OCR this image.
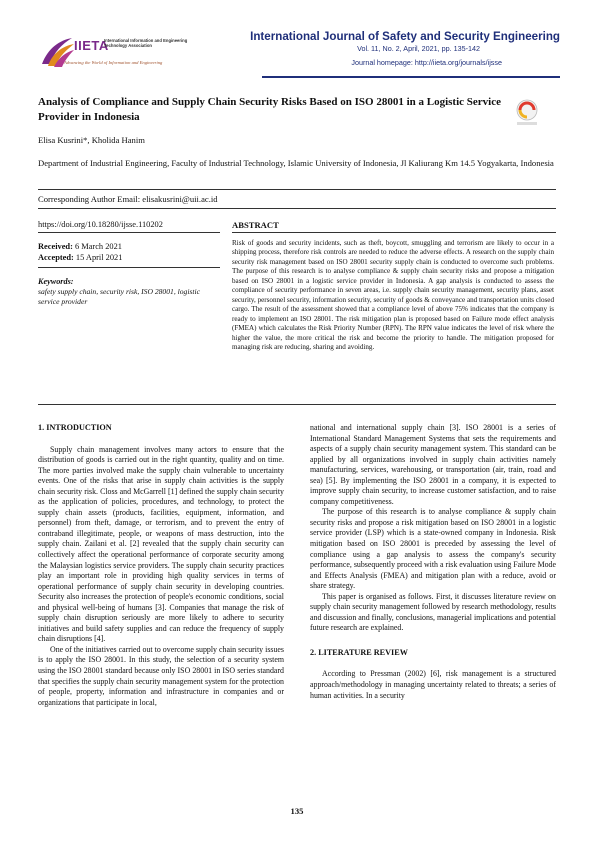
IIETA
International Information and Engineering Technology Association
Advancing the World of Information and Engineering
International Journal of Safety and Security Engineering
Vol. 11, No. 2, April, 2021, pp. 135-142
Journal homepage: http://iieta.org/journals/ijsse
Analysis of Compliance and Supply Chain Security Risks Based on ISO 28001 in a Logistic Service Provider in Indonesia
Elisa Kusrini*, Kholida Hanim
Department of Industrial Engineering, Faculty of Industrial Technology, Islamic University of Indonesia, Jl Kaliurang Km 14.5 Yogyakarta, Indonesia
Corresponding Author Email: elisakusrini@uii.ac.id
https://doi.org/10.18280/ijsse.110202
Received: 6 March 2021
Accepted: 15 April 2021
Keywords:
safety supply chain, security risk, ISO 28001, logistic service provider
ABSTRACT
Risk of goods and security incidents, such as theft, boycott, smuggling and terrorism are likely to occur in a shipping process, therefore risk controls are needed to reduce the adverse effects. A research on the supply chain security risk management based on ISO 28001 security supply chain is conducted to overcome such problems. The purpose of this research is to analyse compliance & supply chain security risks and propose a mitigation based on ISO 28001 in a logistic service provider in Indonesia. A gap analysis is conducted to assess the compliance of security performance in seven areas, i.e. supply chain security management, security plans, asset security, personnel security, information security, security of goods & conveyance and transportation units closed cargo. The result of the assessment showed that a compliance level of above 75% indicates that the company is ready to implement an ISO 28001. The risk mitigation plan is proposed based on Failure mode effect analysis (FMEA) which calculates the Risk Priority Number (RPN). The RPN value indicates the level of risk where the higher the value, the more critical the risk and become the priority to handle. The mitigation proposed for managing risk are reducing, sharing and avoiding.
1. INTRODUCTION

Supply chain management involves many actors to ensure that the distribution of goods is carried out in the right quantity, quality and on time. The more parties involved make the supply chain vulnerable to uncertainty events. One of the risks that arise in supply chain activities is the supply chain security risk. Closs and McGarrell [1] defined the supply chain security as the application of policies, procedures, and technology, to protect the supply chain assets (products, facilities, equipment, information, and personnel) from theft, damage, or terrorism, and to prevent the entry of contraband illegitimate, people, or weapons of mass destruction, into the supply chain. Zailani et al. [2] revealed that the supply chain security can collectively affect the operational performance of corporate security among the Malaysian logistics service providers. The supply chain security practices play an important role in providing high quality services in terms of operational performance of supply chain security in developing countries. Security also increases the protection of people's economic conditions, social and physical well-being of humans [3]. Companies that manage the risk of supply chain disruption seriously are more likely to adhere to security initiatives and build safety supplies and can reduce the frequency of supply chain disruptions [4].

One of the initiatives carried out to overcome supply chain security issues is to apply the ISO 28001. In this study, the selection of a security system using the ISO 28001 standard because only ISO 28001 in ISO series standard that specifies the supply chain security management system for the protection of people, property, information and infrastructure in companies and or organizations that participate in local,

national and international supply chain [3]. ISO 28001 is a series of International Standard Management Systems that sets the requirements and aspects of a supply chain security management system. This standard can be applied by all organizations involved in supply chain activities namely manufacturing, services, warehousing, or transportation (air, train, road and sea) [5]. By implementing the ISO 28001 in a company, it is expected to improve supply chain security, to increase customer satisfaction, and to raise company competitiveness.

The purpose of this research is to analyse compliance & supply chain security risks and propose a risk mitigation based on ISO 28001 in a logistic service provider (LSP) which is a state-owned company in Indonesia. Risk mitigation based on ISO 28001 is preceded by assessing the level of compliance using a gap analysis to assess the company's security performance, subsequently proceed with a risk evaluation using Failure Mode and Effects Analysis (FMEA) and mitigation plan with a reduce, avoid or share strategy.

This paper is organised as follows. First, it discusses literature review on supply chain security management followed by research methodology, results and discussion and finally, conclusions, managerial implications and potential future research are explained.

2. LITERATURE REVIEW

According to Pressman (2002) [6], risk management is a structured approach/methodology in managing uncertainty related to threats; a series of human activities. In a security

135
